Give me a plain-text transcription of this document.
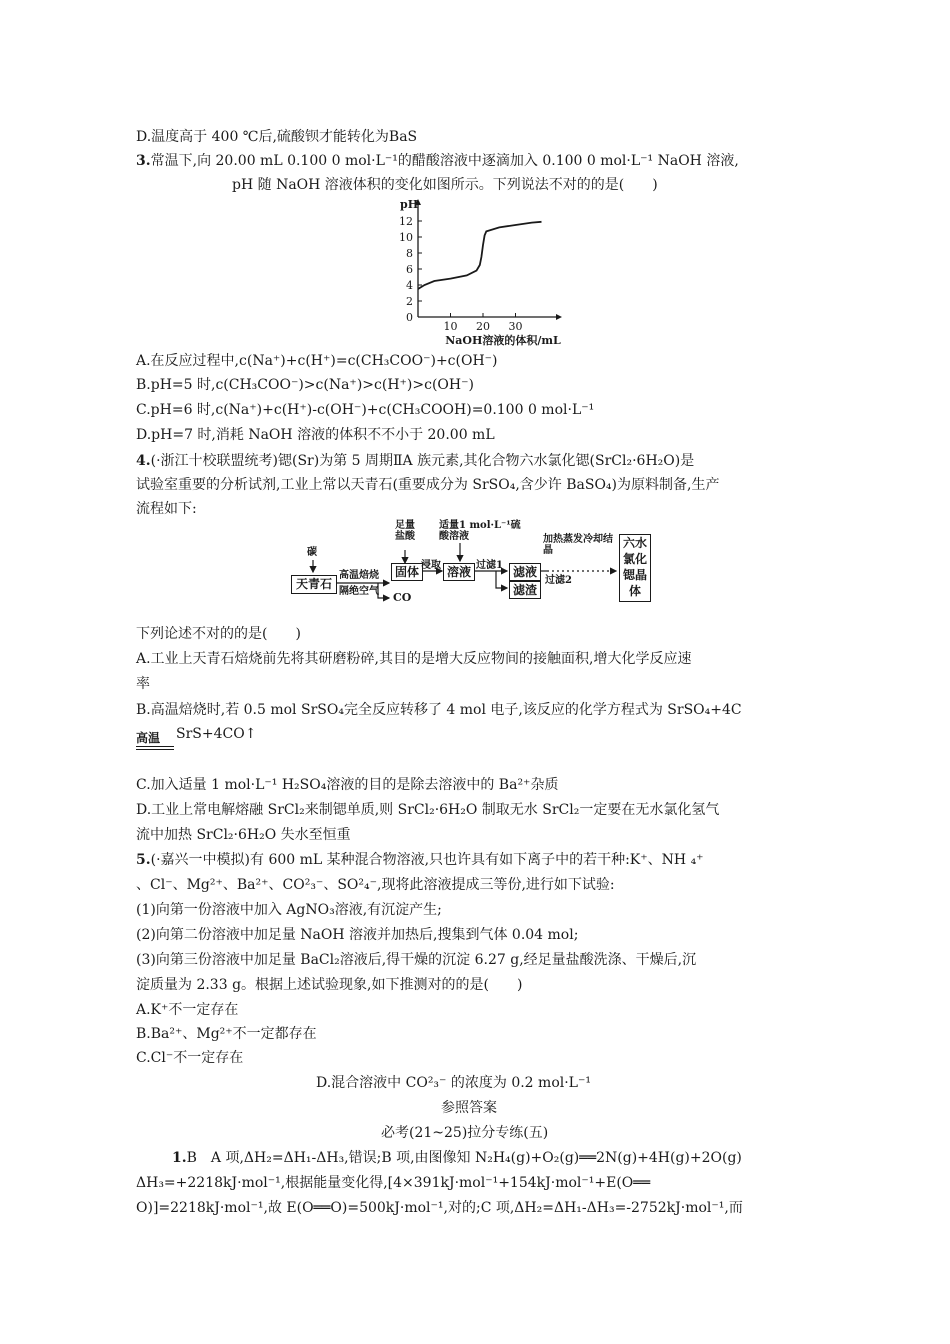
D.温度高于 400 ℃后,硫酸钡才能转化为BaS
3.常温下,向 20.00 mL 0.100 0 mol·L⁻¹的醋酸溶液中逐滴加入 0.100 0 mol·L⁻¹ NaOH 溶液,
pH 随 NaOH 溶液体积的变化如图所示。下列说法不对的的是(　　)
0
2
4
6
8
10
12
10 20 30
pH
NaOH溶液的体积/mL
A.在反应过程中,c(Na⁺)+c(H⁺)=c(CH₃COO⁻)+c(OH⁻)
B.pH=5 时,c(CH₃COO⁻)>c(Na⁺)>c(H⁺)>c(OH⁻)
C.pH=6 时,c(Na⁺)+c(H⁺)-c(OH⁻)+c(CH₃COOH)=0.100 0 mol·L⁻¹
D.pH=7 时,消耗 NaOH 溶液的体积不不小于 20.00 mL
4.(·浙江十校联盟统考)锶(Sr)为第 5 周期ⅡA 族元素,其化合物六水氯化锶(SrCl₂·6H₂O)是
试验室重要的分析试剂,工业上常以天青石(重要成分为 SrSO₄,含少许 BaSO₄)为原料制备,生产
流程如下:
碳
天青石
高温焙烧
隔绝空气 CO
足量盐酸
固体 浸取
适量1 mol·L⁻¹硫酸溶液
溶液 过滤1 滤液
滤渣
加热蒸发冷却结晶
过滤2
六水氯化锶晶体
下列论述不对的的是(　　)
A.工业上天青石焙烧前先将其研磨粉碎,其目的是增大反应物间的接触面积,增大化学反应速
率
B.高温焙烧时,若 0.5 mol SrSO₄完全反应转移了 4 mol 电子,该反应的化学方程式为 SrSO₄+4C
高温 SrS+4CO↑
C.加入适量 1 mol·L⁻¹ H₂SO₄溶液的目的是除去溶液中的 Ba²⁺杂质
D.工业上常电解熔融 SrCl₂来制锶单质,则 SrCl₂·6H₂O 制取无水 SrCl₂一定要在无水氯化氢气
流中加热 SrCl₂·6H₂O 失水至恒重
5.(·嘉兴一中模拟)有 600 mL 某种混合物溶液,只也许具有如下离子中的若干种:K⁺、NH ₄⁺
、Cl⁻、Mg²⁺、Ba²⁺、CO²₃⁻、SO²₄⁻,现将此溶液提成三等份,进行如下试验:
(1)向第一份溶液中加入 AgNO₃溶液,有沉淀产生;
(2)向第二份溶液中加足量 NaOH 溶液并加热后,搜集到气体 0.04 mol;
(3)向第三份溶液中加足量 BaCl₂溶液后,得干燥的沉淀 6.27 g,经足量盐酸洗涤、干燥后,沉
淀质量为 2.33 g。根据上述试验现象,如下推测对的的是(　　)
A.K⁺不一定存在
B.Ba²⁺、Mg²⁺不一定都存在
C.Cl⁻不一定存在
D.混合溶液中 CO²₃⁻ 的浓度为 0.2 mol·L⁻¹
参照答案
必考(21~25)拉分专练(五)
1.B　A 项,ΔH₂=ΔH₁-ΔH₃,错误;B 项,由图像知 N₂H₄(g)+O₂(g)══2N(g)+4H(g)+2O(g)
ΔH₃=+2218kJ·mol⁻¹,根据能量变化得,[4×391kJ·mol⁻¹+154kJ·mol⁻¹+E(O══
O)]=2218kJ·mol⁻¹,故 E(O══O)=500kJ·mol⁻¹,对的;C 项,ΔH₂=ΔH₁-ΔH₃=-2752kJ·mol⁻¹,而
